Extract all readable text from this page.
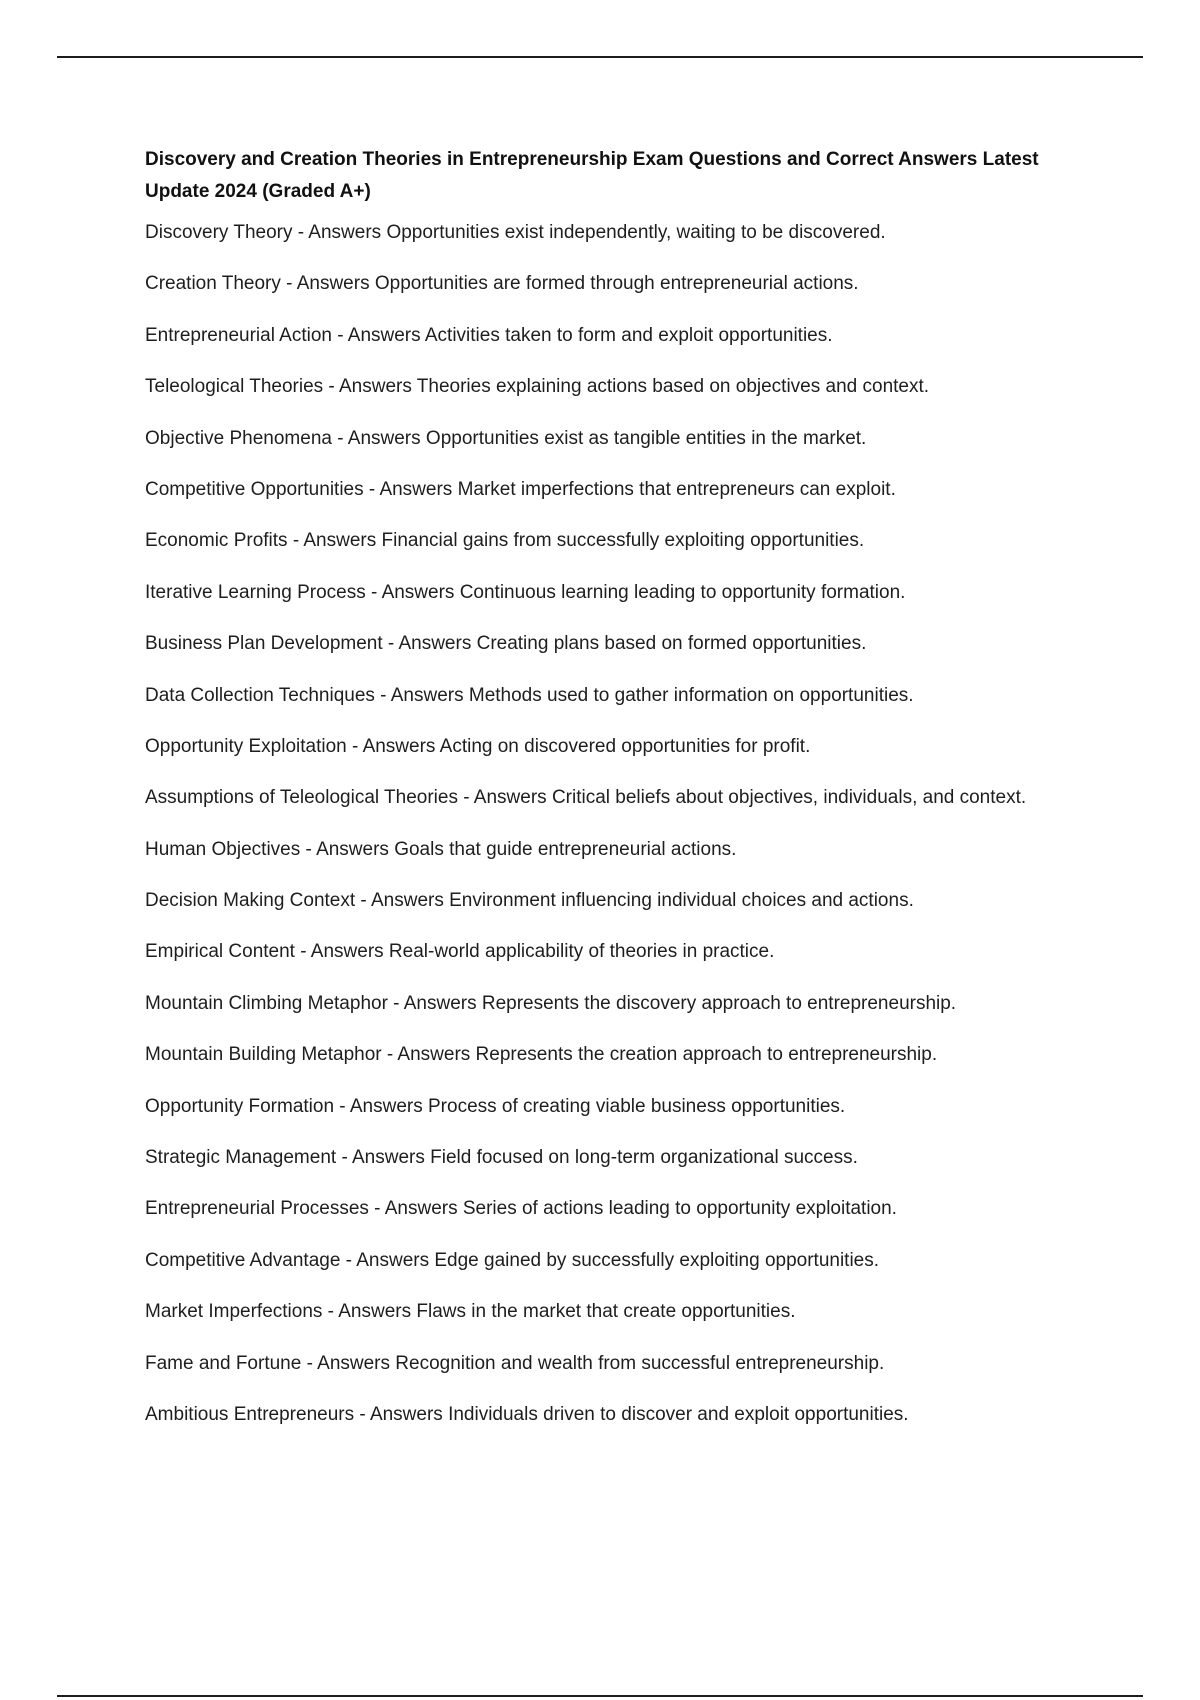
Discovery and Creation Theories in Entrepreneurship Exam Questions and Correct Answers Latest Update 2024 (Graded A+)
Discovery Theory - Answers Opportunities exist independently, waiting to be discovered.
Creation Theory - Answers Opportunities are formed through entrepreneurial actions.
Entrepreneurial Action - Answers Activities taken to form and exploit opportunities.
Teleological Theories - Answers Theories explaining actions based on objectives and context.
Objective Phenomena - Answers Opportunities exist as tangible entities in the market.
Competitive Opportunities - Answers Market imperfections that entrepreneurs can exploit.
Economic Profits - Answers Financial gains from successfully exploiting opportunities.
Iterative Learning Process - Answers Continuous learning leading to opportunity formation.
Business Plan Development - Answers Creating plans based on formed opportunities.
Data Collection Techniques - Answers Methods used to gather information on opportunities.
Opportunity Exploitation - Answers Acting on discovered opportunities for profit.
Assumptions of Teleological Theories - Answers Critical beliefs about objectives, individuals, and context.
Human Objectives - Answers Goals that guide entrepreneurial actions.
Decision Making Context - Answers Environment influencing individual choices and actions.
Empirical Content - Answers Real-world applicability of theories in practice.
Mountain Climbing Metaphor - Answers Represents the discovery approach to entrepreneurship.
Mountain Building Metaphor - Answers Represents the creation approach to entrepreneurship.
Opportunity Formation - Answers Process of creating viable business opportunities.
Strategic Management - Answers Field focused on long-term organizational success.
Entrepreneurial Processes - Answers Series of actions leading to opportunity exploitation.
Competitive Advantage - Answers Edge gained by successfully exploiting opportunities.
Market Imperfections - Answers Flaws in the market that create opportunities.
Fame and Fortune - Answers Recognition and wealth from successful entrepreneurship.
Ambitious Entrepreneurs - Answers Individuals driven to discover and exploit opportunities.
